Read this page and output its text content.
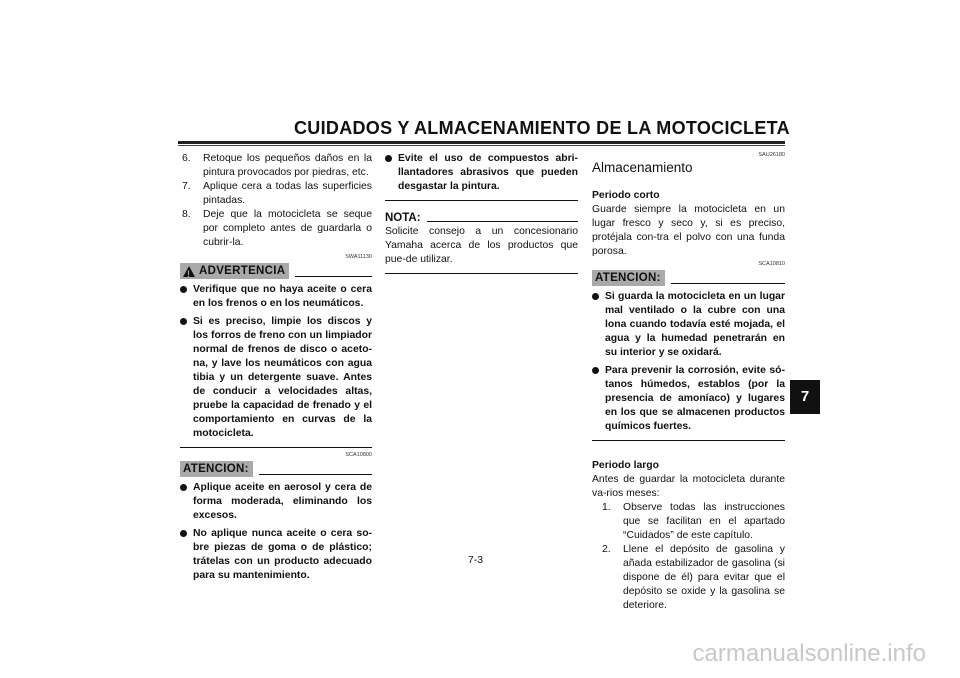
CUIDADOS Y ALMACENAMIENTO DE LA MOTOCICLETA
6.	Retoque los pequeños daños en la pintura provocados por piedras, etc.
7.	Aplique cera a todas las superficies pintadas.
8.	Deje que la motocicleta se seque por completo antes de guardarla o cubrir-la.
SWA11130
!
ADVERTENCIA
Verifique que no haya aceite o cera en los frenos o en los neumáticos.
Si es preciso, limpie los discos y los forros de freno con un limpiador normal de frenos de disco o aceto-na, y lave los neumáticos con agua tibia y un detergente suave. Antes de conducir a velocidades altas, pruebe la capacidad de frenado y el comportamiento en curvas de la motocicleta.
SCA10800
ATENCION:
Aplique aceite en aerosol y cera de forma moderada, eliminando los excesos.
No aplique nunca aceite o cera so-bre piezas de goma o de plástico; trátelas con un producto adecuado para su mantenimiento.
Evite el uso de compuestos abri-llantadores abrasivos que pueden desgastar la pintura.
NOTA:
Solicite consejo a un concesionario Yamaha acerca de los productos que pue-de utilizar.
SAU26180
Almacenamiento
Periodo corto
Guarde siempre la motocicleta en un lugar fresco y seco y, si es preciso, protéjala con-tra el polvo con una funda porosa.
SCA10810
ATENCION:
Si guarda la motocicleta en un lugar mal ventilado o la cubre con una lona cuando todavía esté mojada, el agua y la humedad penetrarán en su interior y se oxidará.
Para prevenir la corrosión, evite só-tanos húmedos, establos (por la presencia de amoníaco) y lugares en los que se almacenen productos químicos fuertes.
Periodo largo
Antes de guardar la motocicleta durante va-rios meses:
1.	Observe todas las instrucciones que se facilitan en el apartado “Cuidados” de este capítulo.
2.	Llene el depósito de gasolina y añada estabilizador de gasolina (si dispone de él) para evitar que el depósito se oxide y la gasolina se deteriore.
7
7-3
carmanualsonline.info
